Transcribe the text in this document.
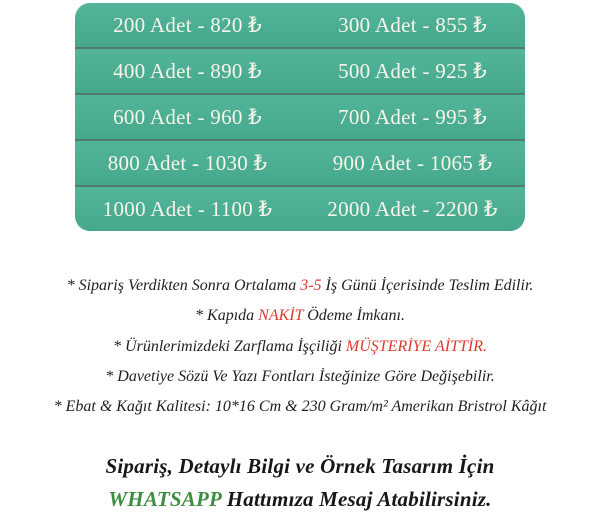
200 Adet - 820 ₺	300 Adet - 855 ₺
400 Adet - 890 ₺	500 Adet - 925 ₺
600 Adet - 960 ₺	700 Adet - 995 ₺
800 Adet - 1030 ₺	900 Adet - 1065 ₺
1000 Adet - 1100 ₺	2000 Adet - 2200 ₺
* Sipariş Verdikten Sonra Ortalama 3-5 İş Günü İçerisinde Teslim Edilir.
* Kapıda NAKİT Ödeme İmkanı.
* Ürünlerimizdeki Zarflama İşçiliği MÜŞTERİYE AİTTİR.
* Davetiye Sözü Ve Yazı Fontları İsteğinize Göre Değişebilir.
* Ebat & Kağıt Kalitesi: 10*16 Cm & 230 Gram/m² Amerikan Bristrol Kâğıt
Sipariş, Detaylı Bilgi ve Örnek Tasarım İçin
WHATSAPP Hattımıza Mesaj Atabilirsiniz.
